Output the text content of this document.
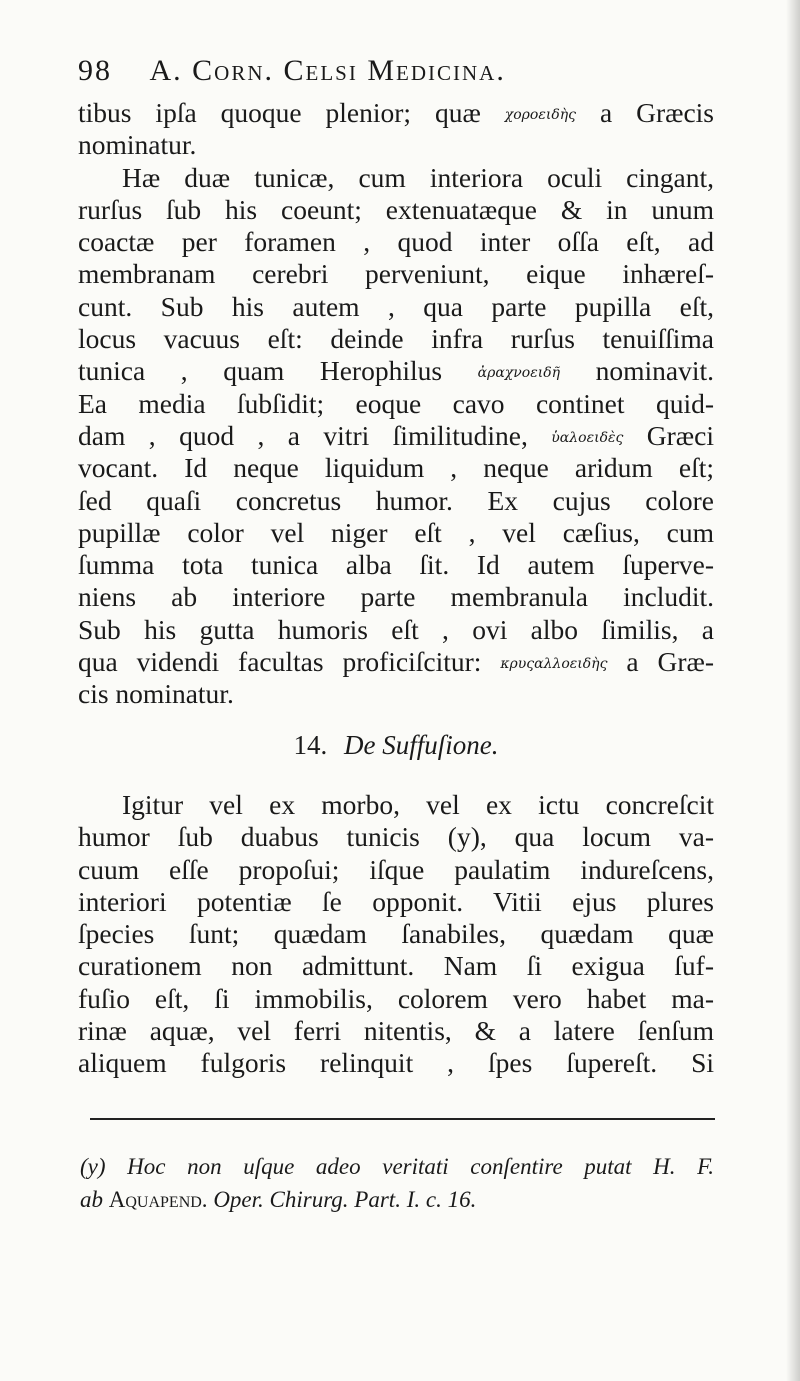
98 A. Corn. Celsi Medicina.
tibus ipſa quoque plenior; quæ χοροειδὴς a Græcis
nominatur.
Hæ duæ tunicæ, cum interiora oculi cingant,
rurſus ſub his coeunt; extenuatæque & in unum
coactæ per foramen , quod inter oſſa eſt, ad
membranam cerebri perveniunt, eique inhæreſ-
cunt. Sub his autem , qua parte pupilla eſt,
locus vacuus eſt: deinde infra rurſus tenuiſſima
tunica , quam Herophilus ἀραχνοειδῆ nominavit.
Ea media ſubſidit; eoque cavo continet quid-
dam , quod , a vitri ſimilitudine, ὑαλοειδὲς Græci
vocant. Id neque liquidum , neque aridum eſt;
ſed quaſi concretus humor. Ex cujus colore
pupillæ color vel niger eſt , vel cæſius, cum
ſumma tota tunica alba ſit. Id autem ſuperve-
niens ab interiore parte membranula includit.
Sub his gutta humoris eſt , ovi albo ſimilis, a
qua videndi facultas proficiſcitur: κρυςαλλοειδὴς a Græ-
cis nominatur.
14. De Suffuſione.
Igitur vel ex morbo, vel ex ictu concreſcit
humor ſub duabus tunicis (y), qua locum va-
cuum eſſe propoſui; iſque paulatim indureſcens,
interiori potentiæ ſe opponit. Vitii ejus plures
ſpecies ſunt; quædam ſanabiles, quædam quæ
curationem non admittunt. Nam ſi exigua ſuf-
fuſio eſt, ſi immobilis, colorem vero habet ma-
rinæ aquæ, vel ferri nitentis, & a latere ſenſum
aliquem fulgoris relinquit , ſpes ſupereſt. Si
(y) Hoc non uſque adeo veritati conſentire putat H. F.
ab Aquapend. Oper. Chirurg. Part. I. c. 16.
